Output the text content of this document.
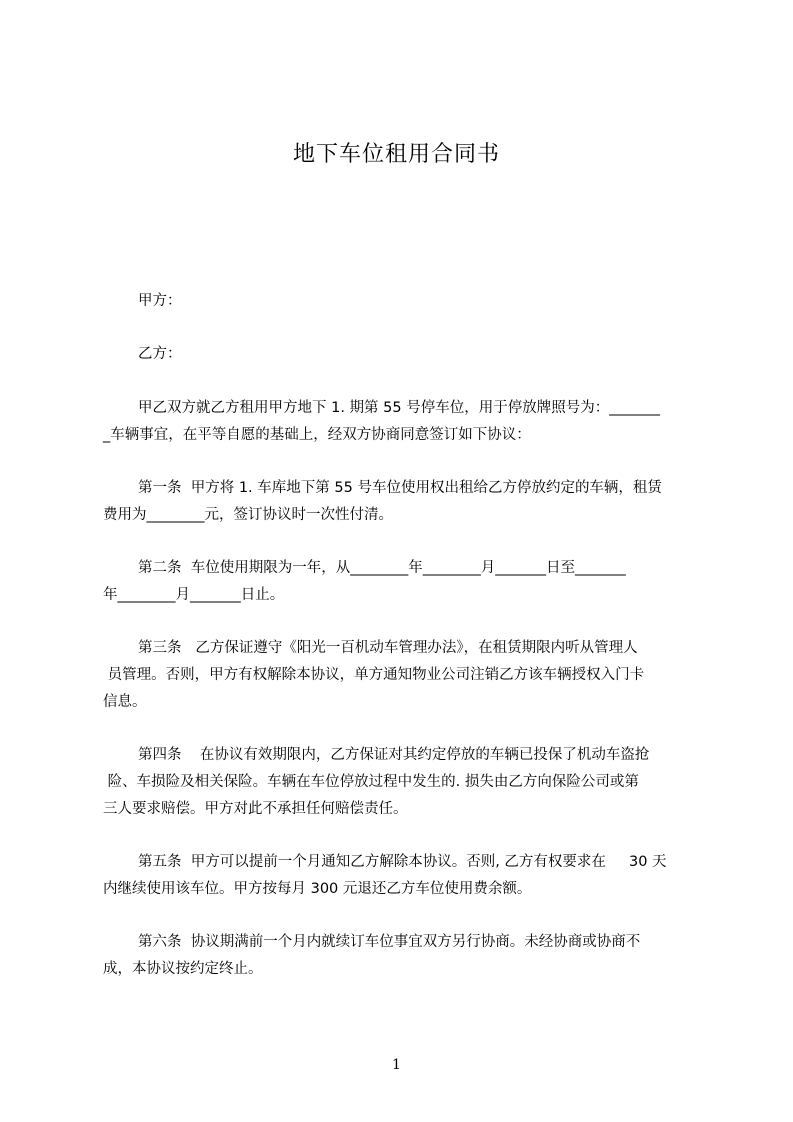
地下车位租用合同书
甲方：
乙方：
甲乙双方就乙方租用甲方地下 1. 期第 55 号停车位，用于停放牌照号为：_______
_车辆事宜，在平等自愿的基础上，经双方协商同意签订如下协议：
第一条  甲方将 1. 车库地下第 55 号车位使用权出租给乙方停放约定的车辆，租赁
费用为________元，签订协议时一次性付清。
第二条  车位使用期限为一年，从________年________月_______日至_______
年________月_______日止。
第三条   乙方保证遵守《阳光一百机动车管理办法》，在租赁期限内听从管理人
员管理。否则，甲方有权解除本协议，单方通知物业公司注销乙方该车辆授权入门卡
信息。
第四条    在协议有效期限内，乙方保证对其约定停放的车辆已投保了机动车盗抢
险、车损险及相关保险。车辆在车位停放过程中发生的. 损失由乙方向保险公司或第
三人要求赔偿。甲方对此不承担任何赔偿责任。
第五条  甲方可以提前一个月通知乙方解除本协议。否则, 乙方有权要求在     30 天
内继续使用该车位。甲方按每月 300 元退还乙方车位使用费余额。
第六条  协议期满前一个月内就续订车位事宜双方另行协商。未经协商或协商不
成，本协议按约定终止。
1
